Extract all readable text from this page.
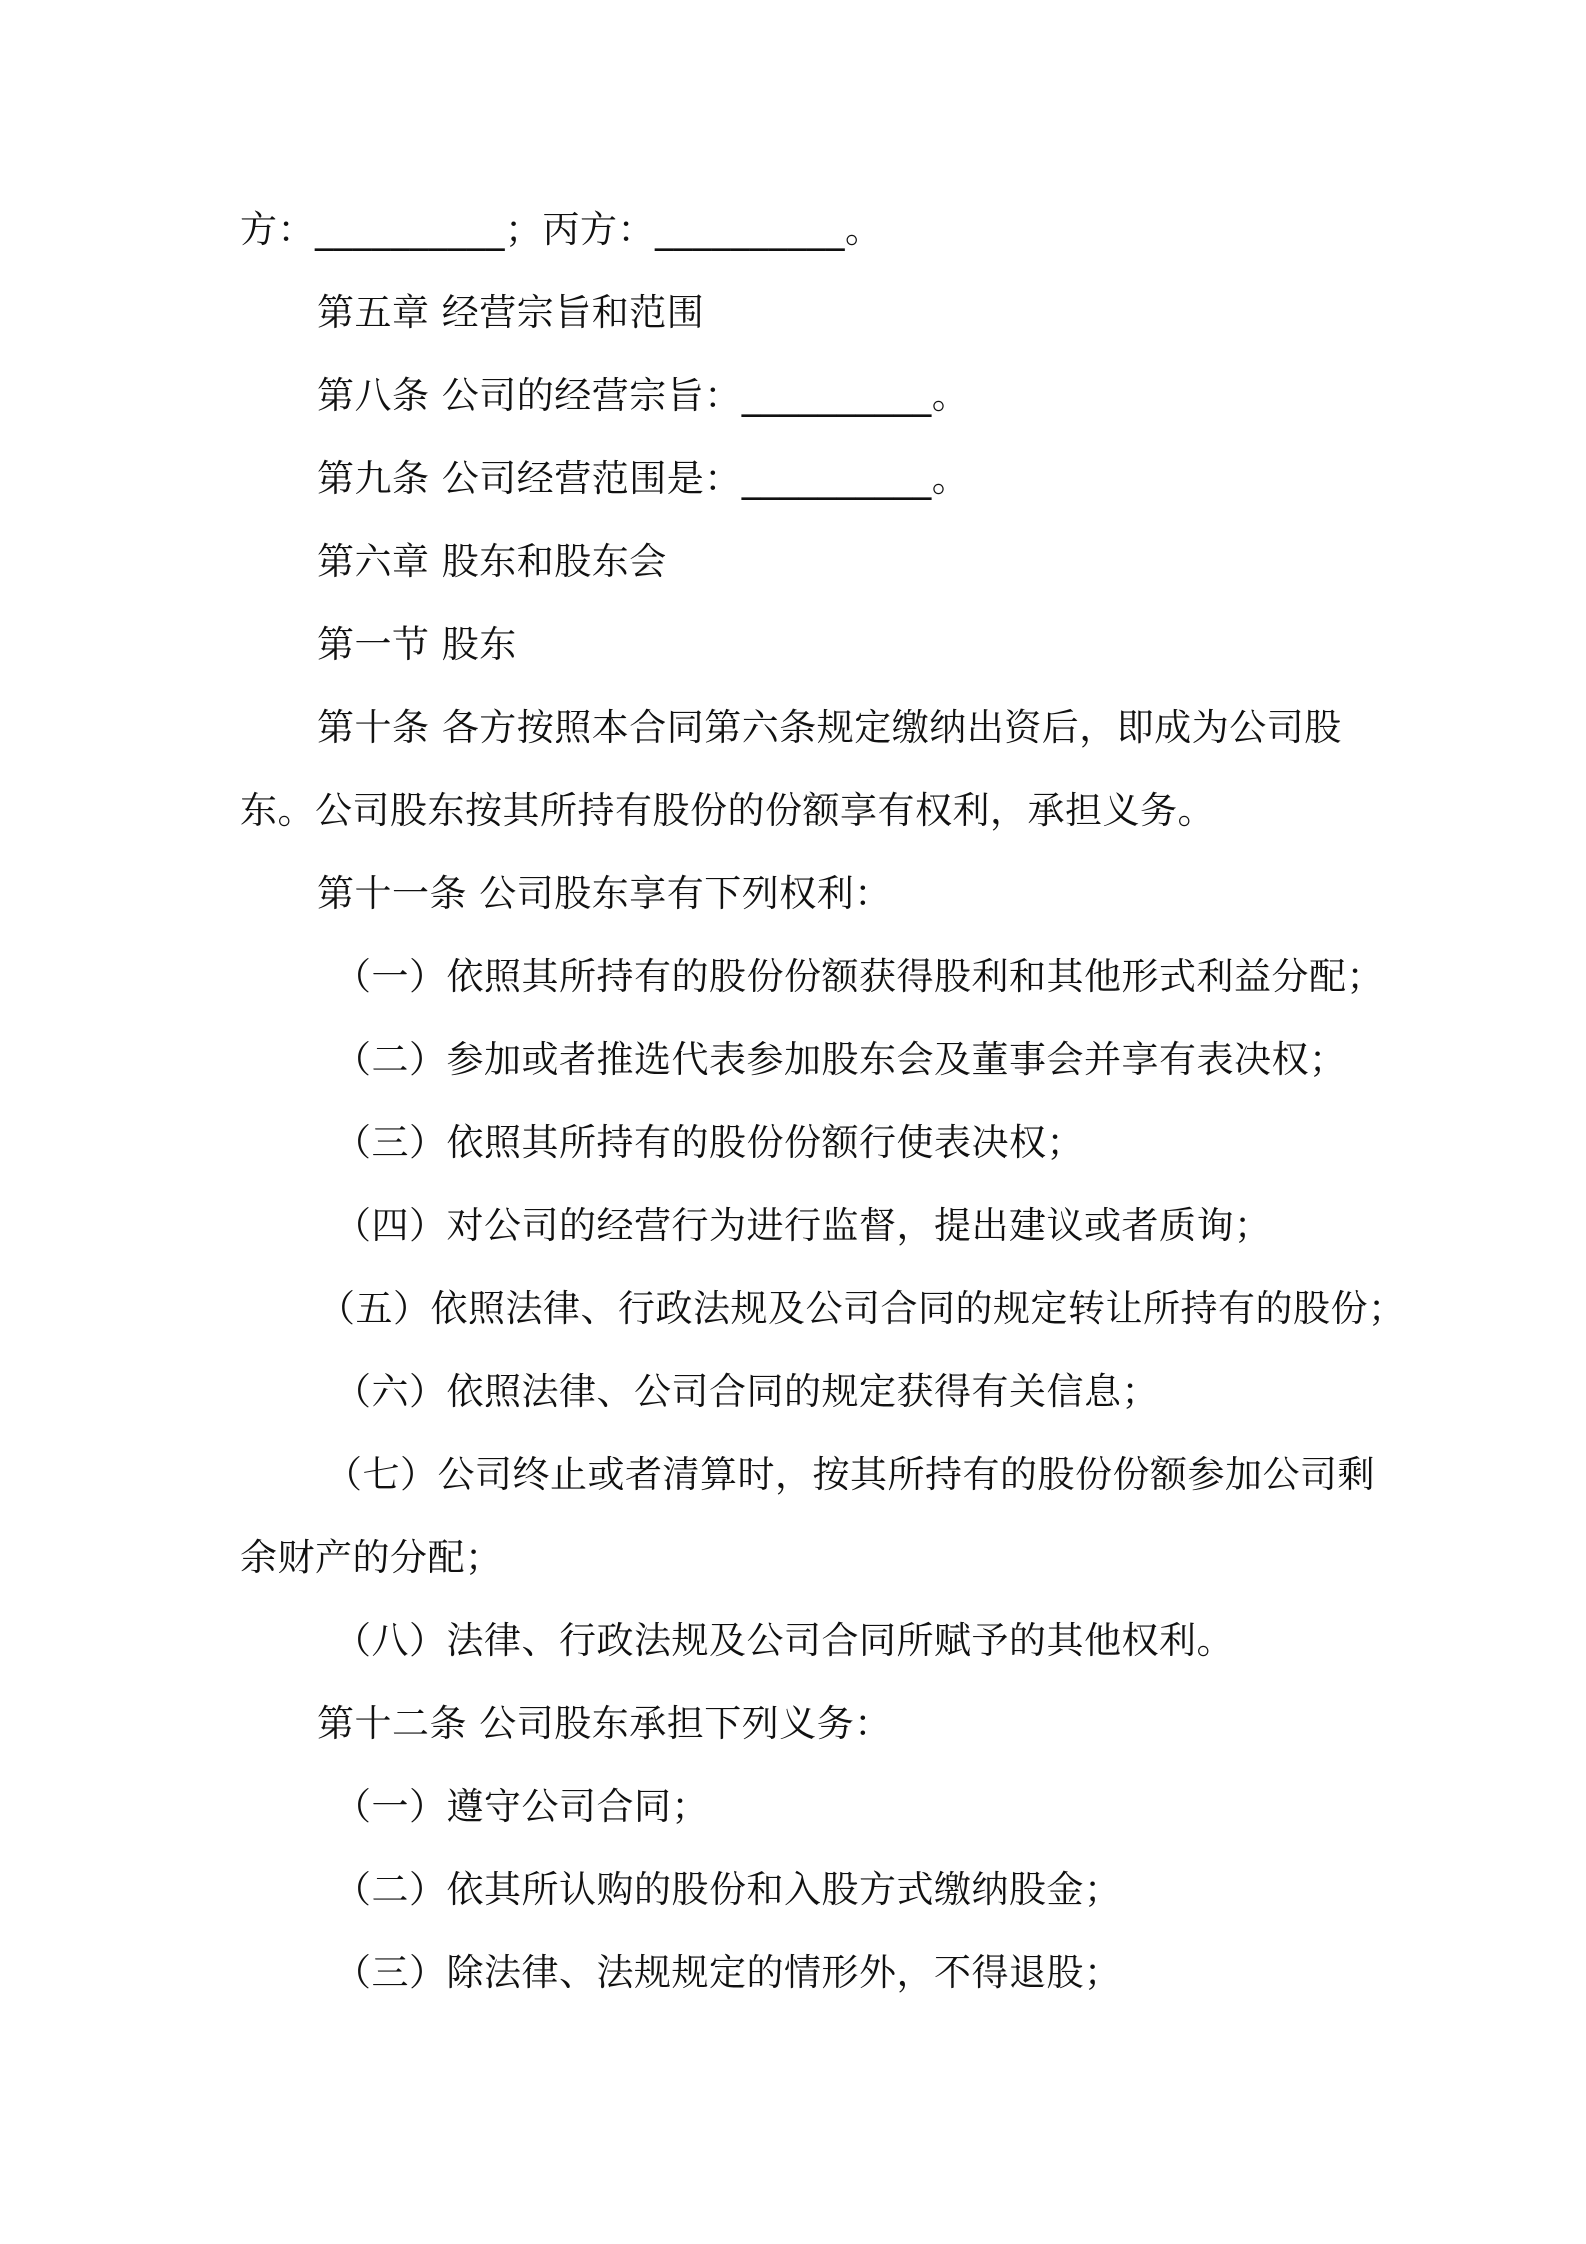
方：__________；丙方：__________。
第五章 经营宗旨和范围
第八条 公司的经营宗旨：__________。
第九条 公司经营范围是：__________。
第六章 股东和股东会
第一节 股东
第十条 各方按照本合同第六条规定缴纳出资后，即成为公司股
东。公司股东按其所持有股份的份额享有权利，承担义务。
第十一条 公司股东享有下列权利：
（一）依照其所持有的股份份额获得股利和其他形式利益分配；
（二）参加或者推选代表参加股东会及董事会并享有表决权；
（三）依照其所持有的股份份额行使表决权；
（四）对公司的经营行为进行监督，提出建议或者质询；
（五）依照法律、行政法规及公司合同的规定转让所持有的股份；
（六）依照法律、公司合同的规定获得有关信息；
（七）公司终止或者清算时，按其所持有的股份份额参加公司剩
余财产的分配；
（八）法律、行政法规及公司合同所赋予的其他权利。
第十二条 公司股东承担下列义务：
（一）遵守公司合同；
（二）依其所认购的股份和入股方式缴纳股金；
（三）除法律、法规规定的情形外，不得退股；
